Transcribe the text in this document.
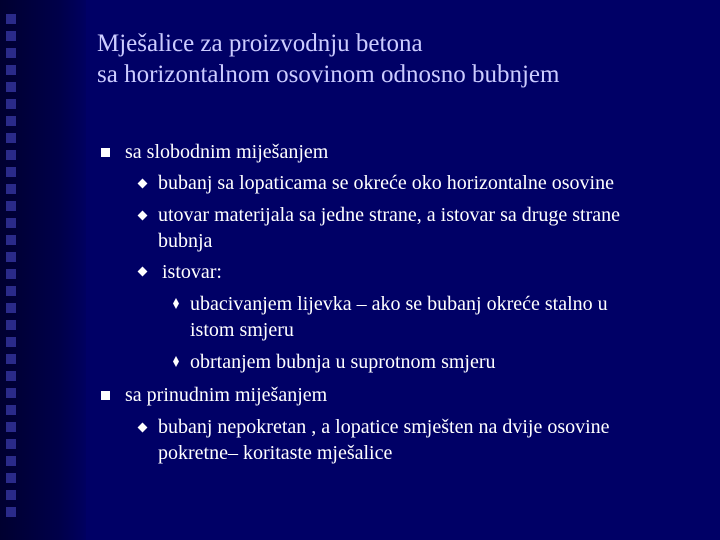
Mješalice za proizvodnju betona
sa horizontalnom osovinom odnosno bubnjem
sa slobodnim miješanjem
bubanj sa lopaticama se okreće oko horizontalne osovine
utovar materijala sa jedne strane, a istovar sa druge strane
bubnja
istovar:
ubacivanjem lijevka – ako se bubanj okreće stalno u
istom smjeru
obrtanjem bubnja u suprotnom smjeru
sa prinudnim miješanjem
bubanj nepokretan , a lopatice smješten na dvije osovine
pokretne– koritaste mješalice
